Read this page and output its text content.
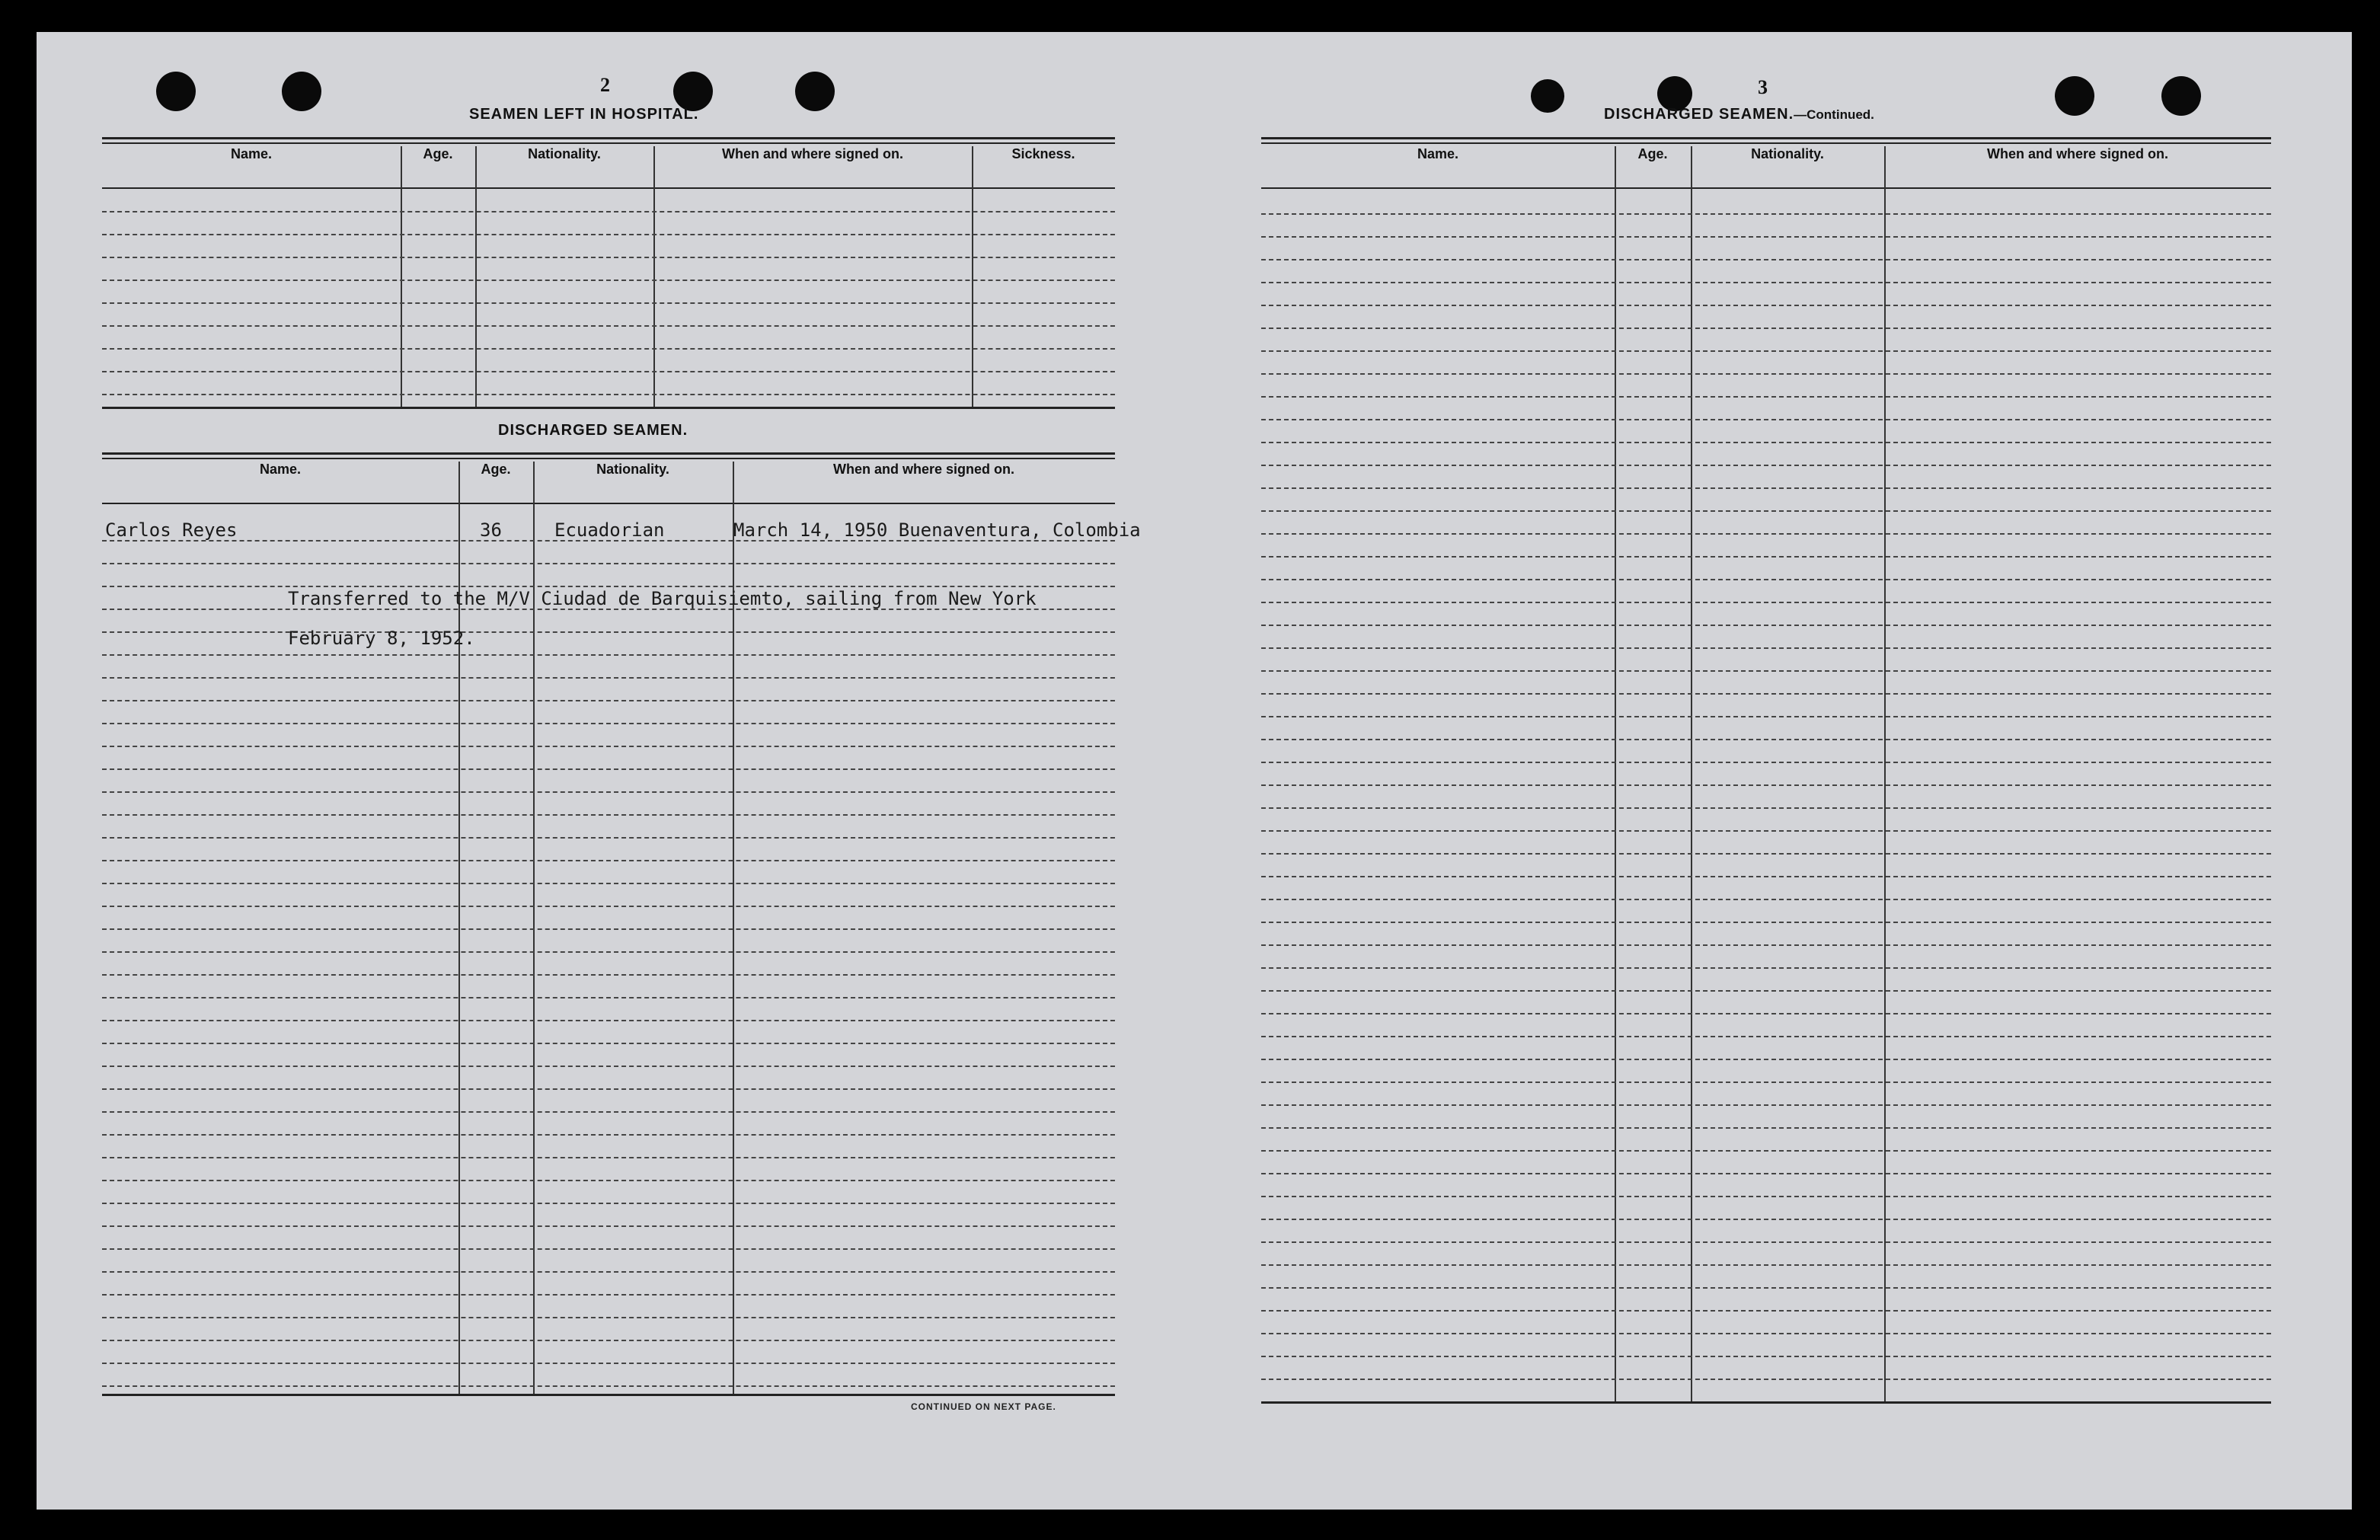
2
SEAMEN LEFT IN HOSPITAL.
Name.	Age.	Nationality.	When and where signed on.	Sickness.
DISCHARGED SEAMEN.
Name.	Age.	Nationality.	When and where signed on.
Carlos Reyes	36	Ecuadorian	March 14, 1950 Buenaventura, Colombia
Transferred to the M/V Ciudad de Barquisiemto, sailing from New York
February 8, 1952.
CONTINUED ON NEXT PAGE.
3
DISCHARGED SEAMEN.—Continued.
Name.	Age.	Nationality.	When and where signed on.
